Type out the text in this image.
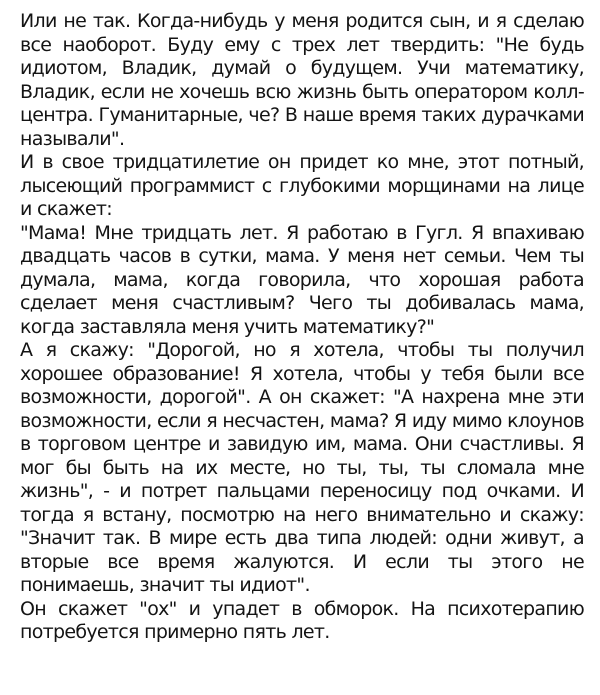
Или не так. Когда-нибудь у меня родится сын, и я сделаю все наоборот. Буду ему с трех лет твердить: "Не будь идиотом, Владик, думай о будущем. Учи математику, Владик, если не хочешь всю жизнь быть оператором колл-центра. Гуманитарные, че? В наше время таких дурачками называли".

И в свое тридцатилетие он придет ко мне, этот потный, лысеющий программист с глубокими морщинами на лице и скажет:

"Мама! Мне тридцать лет. Я работаю в Гугл. Я впахиваю двадцать часов в сутки, мама. У меня нет семьи. Чем ты думала, мама, когда говорила, что хорошая работа сделает меня счастливым? Чего ты добивалась мама, когда заставляла меня учить математику?"

А я скажу: "Дорогой, но я хотела, чтобы ты получил хорошее образование! Я хотела, чтобы у тебя были все возможности, дорогой". А он скажет: "А нахрена мне эти возможности, если я несчастен, мама? Я иду мимо клоунов в торговом центре и завидую им, мама. Они счастливы. Я мог бы быть на их месте, но ты, ты, ты сломала мне жизнь", - и потрет пальцами переносицу под очками. И тогда я встану, посмотрю на него внимательно и скажу: "Значит так. В мире есть два типа людей: одни живут, а вторые все время жалуются. И если ты этого не понимаешь, значит ты идиот".

Он скажет "ох" и упадет в обморок. На психотерапию потребуется примерно пять лет.
